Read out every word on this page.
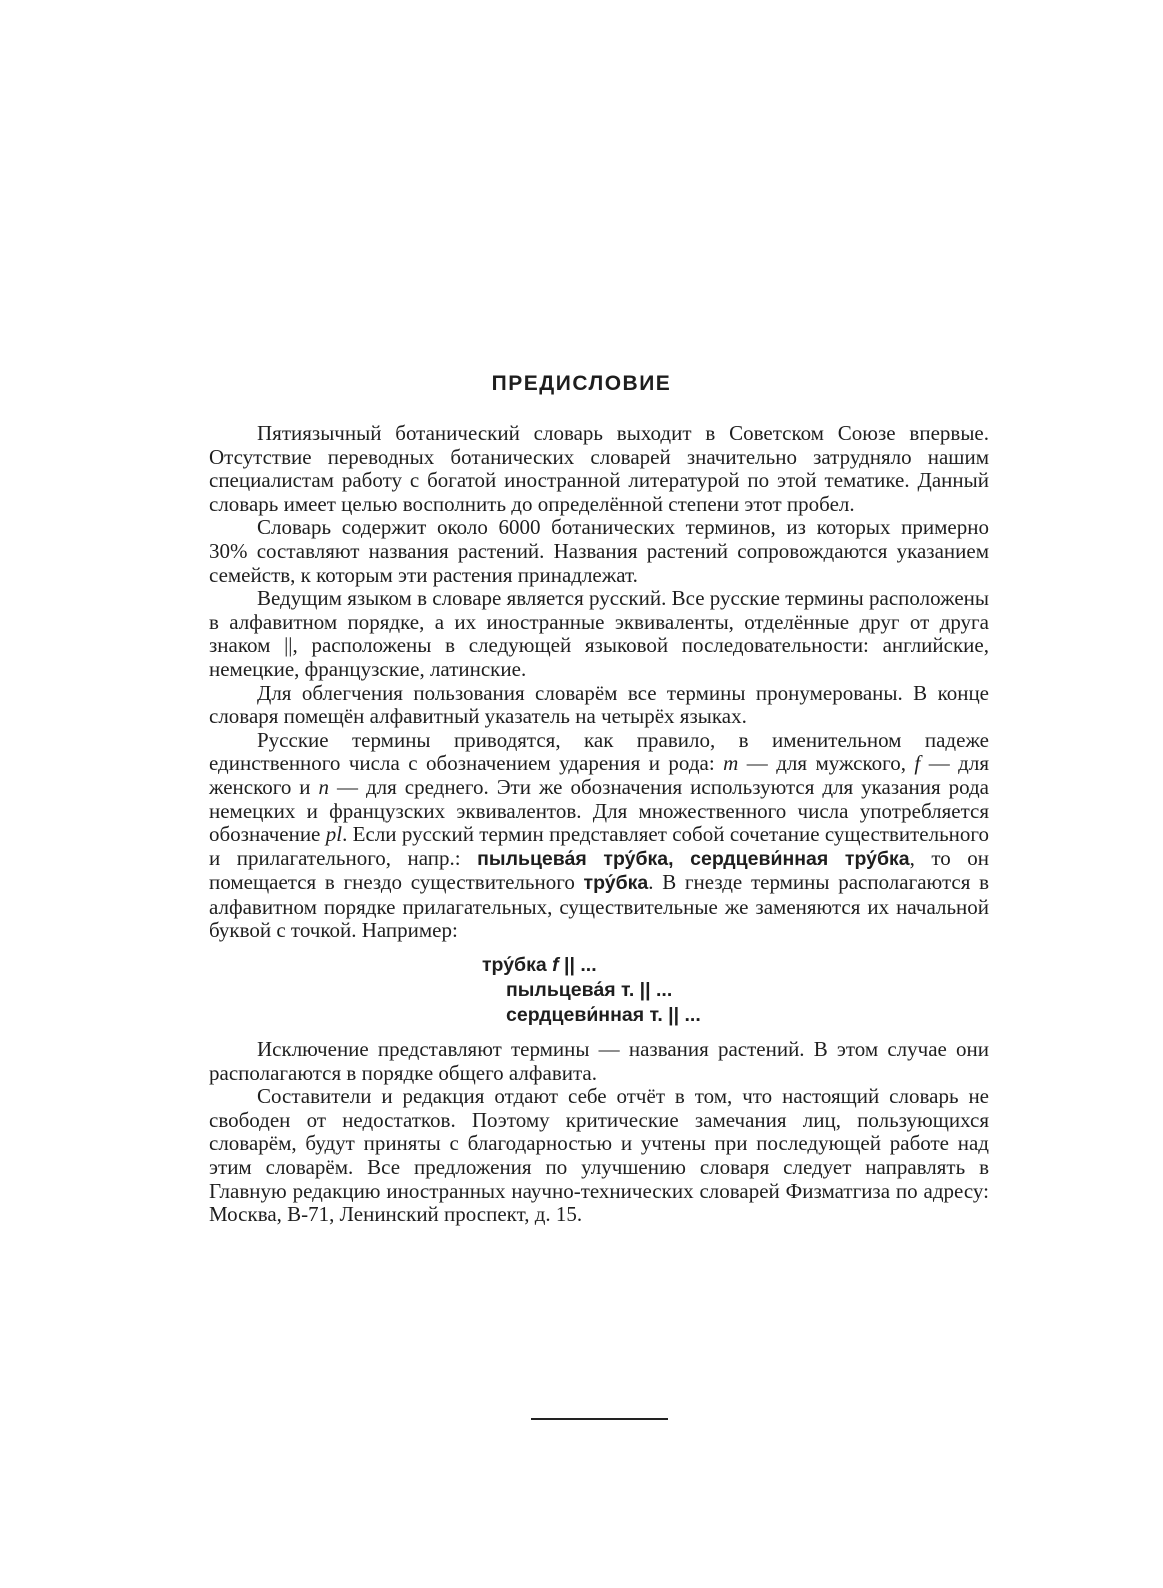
ПРЕДИСЛОВИЕ

Пятиязычный ботанический словарь выходит в Советском Союзе впервые. Отсутствие переводных ботанических словарей значительно затрудняло нашим специалистам работу с богатой иностранной литературой по этой тематике. Данный словарь имеет целью восполнить до определённой степени этот пробел.

Словарь содержит около 6000 ботанических терминов, из которых примерно 30% составляют названия растений. Названия растений сопровождаются указанием семейств, к которым эти растения принадлежат.

Ведущим языком в словаре является русский. Все русские термины расположены в алфавитном порядке, а их иностранные эквиваленты, отделённые друг от друга знаком ||, расположены в следующей языковой последовательности: английские, немецкие, французские, латинские.

Для облегчения пользования словарём все термины пронумерованы. В конце словаря помещён алфавитный указатель на четырёх языках.

Русские термины приводятся, как правило, в именительном падеже единственного числа с обозначением ударения и рода: m — для мужского, f — для женского и n — для среднего. Эти же обозначения используются для указания рода немецких и французских эквивалентов. Для множественного числа употребляется обозначение pl. Если русский термин представляет собой сочетание существительного и прилагательного, напр.: пыльцева́я тру́бка, сердцеви́нная тру́бка, то он помещается в гнездо существительного тру́бка. В гнезде термины располагаются в алфавитном порядке прилагательных, существительные же заменяются их начальной буквой с точкой. Например:

тру́бка f || ...
пыльцева́я т. || ...
сердцеви́нная т. || ...

Исключение представляют термины — названия растений. В этом случае они располагаются в порядке общего алфавита.

Составители и редакция отдают себе отчёт в том, что настоящий словарь не свободен от недостатков. Поэтому критические замечания лиц, пользующихся словарём, будут приняты с благодарностью и учтены при последующей работе над этим словарём. Все предложения по улучшению словаря следует направлять в Главную редакцию иностранных научно-технических словарей Физматгиза по адресу: Москва, В-71, Ленинский проспект, д. 15.
